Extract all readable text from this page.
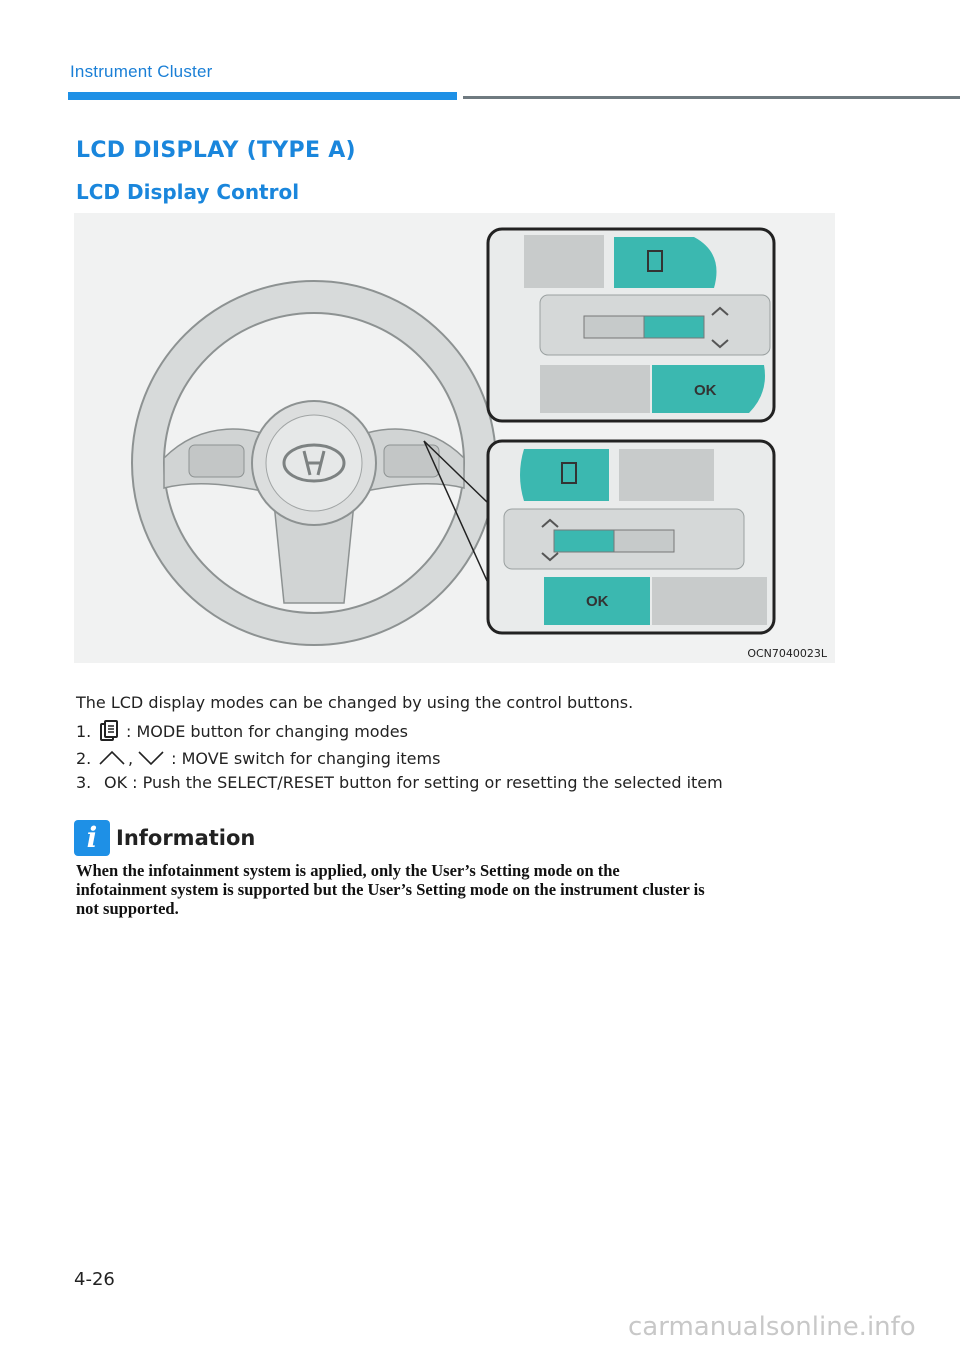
Instrument Cluster
LCD DISPLAY (TYPE A)
LCD Display Control
OK
OK
OCN7040023L
The LCD display modes can be changed by using the control buttons.
1.	: MODE button for changing modes
2.	, : MOVE switch for changing items
3. OK : Push the SELECT/RESET button for setting or resetting the selected item
i Information
When the infotainment system is applied, only the User’s Setting mode on the
infotainment system is supported but the User’s Setting mode on the instrument cluster is
not supported.
4-26
carmanualsonline.info
